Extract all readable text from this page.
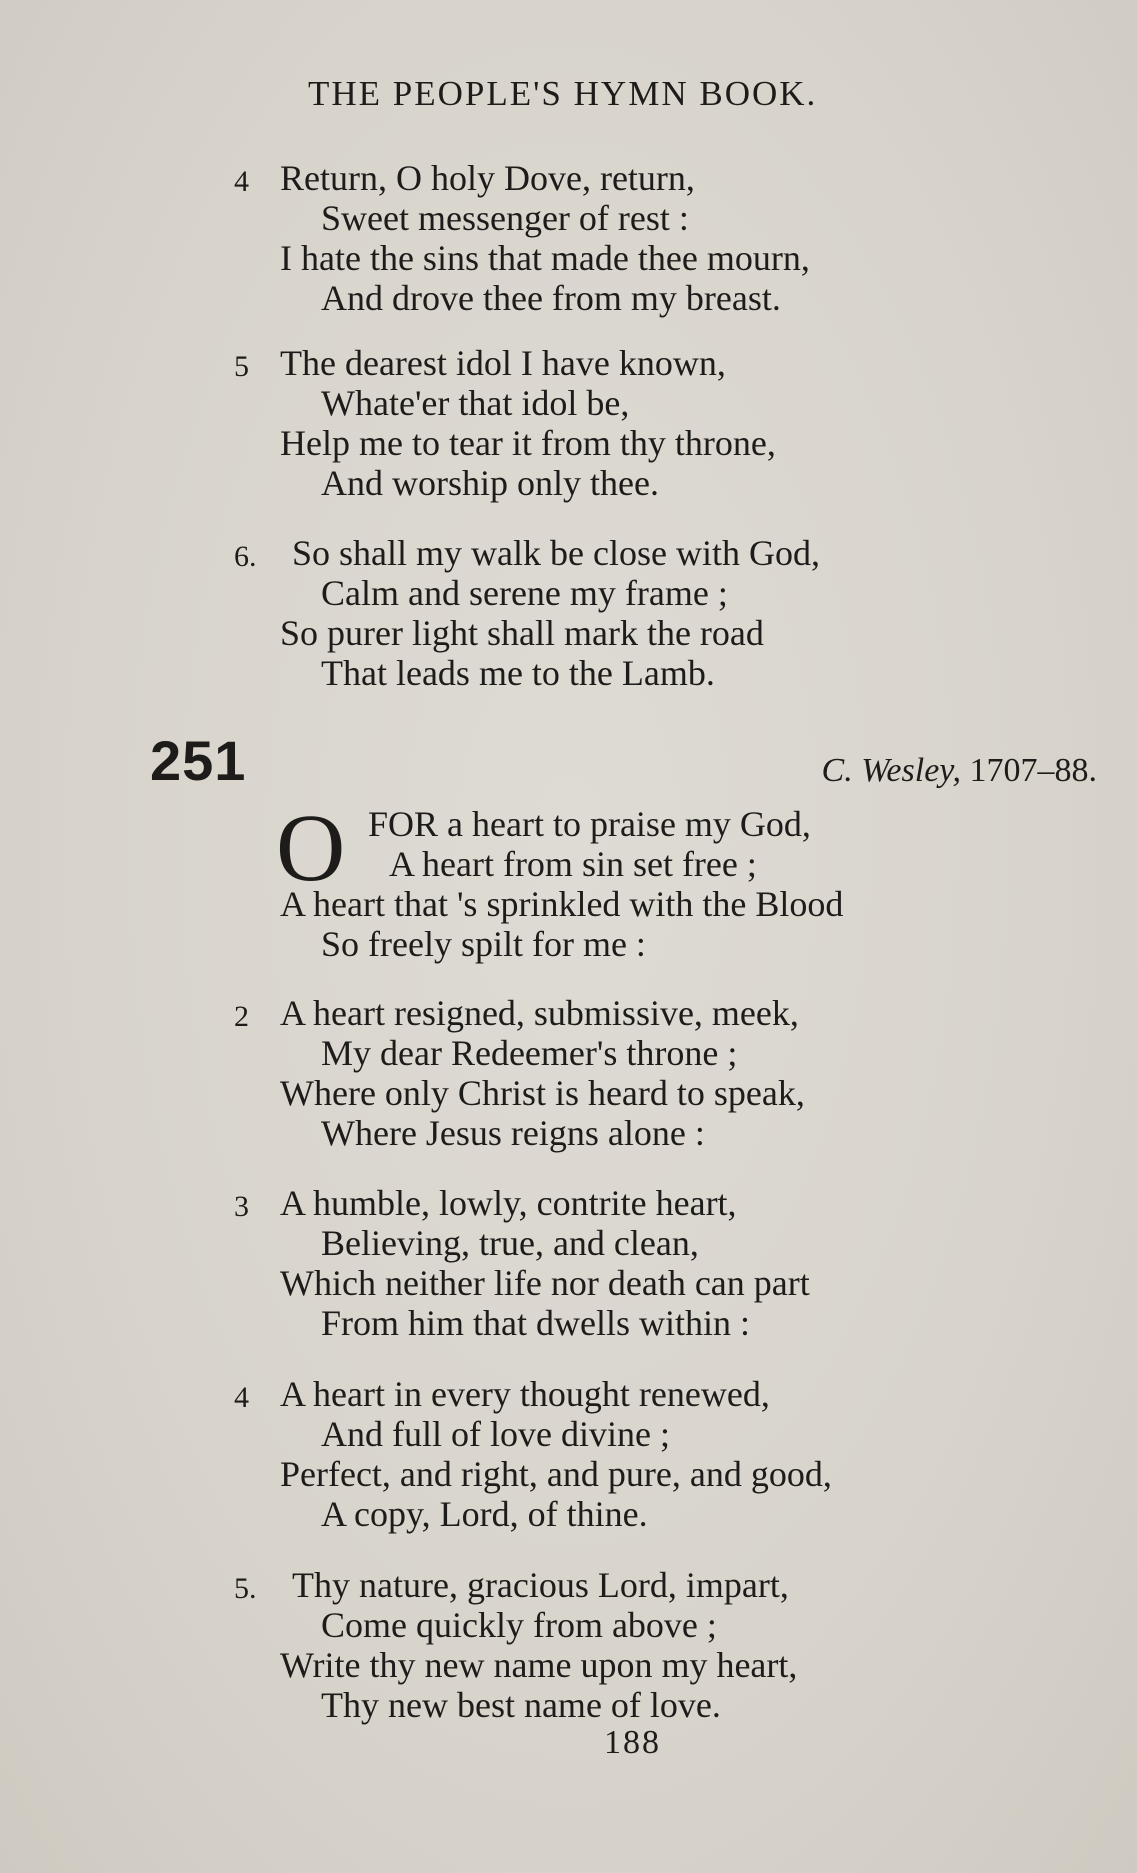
THE PEOPLE'S HYMN BOOK.
4 Return, O holy Dove, return,
Sweet messenger of rest :
I hate the sins that made thee mourn,
And drove thee from my breast.
5 The dearest idol I have known,
Whate'er that idol be,
Help me to tear it from thy throne,
And worship only thee.
6. So shall my walk be close with God,
Calm and serene my frame ;
So purer light shall mark the road
That leads me to the Lamb.
251	C. Wesley, 1707–88.
O FOR a heart to praise my God,
A heart from sin set free ;
A heart that 's sprinkled with the Blood
So freely spilt for me :
2 A heart resigned, submissive, meek,
My dear Redeemer's throne ;
Where only Christ is heard to speak,
Where Jesus reigns alone :
3 A humble, lowly, contrite heart,
Believing, true, and clean,
Which neither life nor death can part
From him that dwells within :
4 A heart in every thought renewed,
And full of love divine ;
Perfect, and right, and pure, and good,
A copy, Lord, of thine.
5. Thy nature, gracious Lord, impart,
Come quickly from above ;
Write thy new name upon my heart,
Thy new best name of love.
188
